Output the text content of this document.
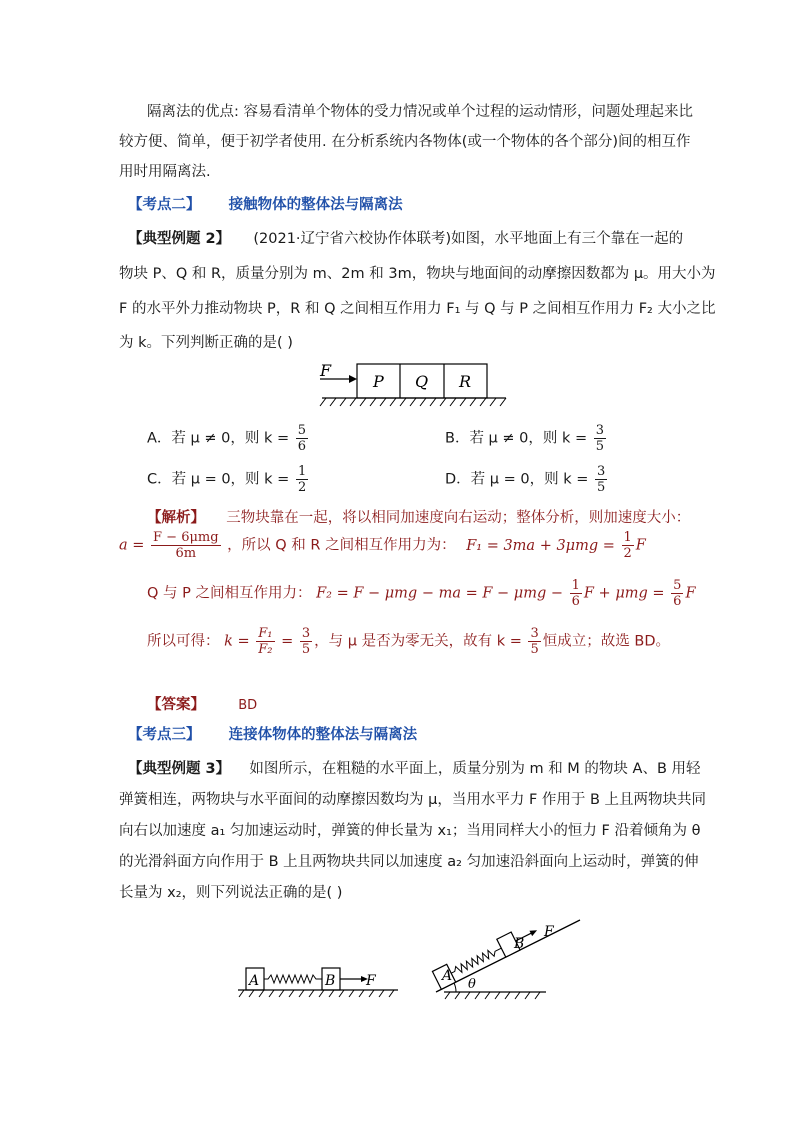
隔离法的优点: 容易看清单个物体的受力情况或单个过程的运动情形，问题处理起来比
较方便、简单，便于初学者使用. 在分析系统内各物体(或一个物体的各个部分)间的相互作
用时用隔离法.
【考点二】 接触物体的整体法与隔离法
【典型例题 2】 (2021·辽宁省六校协作体联考)如图，水平地面上有三个靠在一起的
物块 P、Q 和 R，质量分别为 m、2m 和 3m，物块与地面间的动摩擦因数都为 μ。用大小为
F 的水平外力推动物块 P，R 和 Q 之间相互作用力 F₁ 与 Q 与 P 之间相互作用力 F₂ 大小之比
为 k。下列判断正确的是( )
F
P Q R
A．若 μ ≠ 0，则 $k = \frac{5}{6}$	B．若 μ ≠ 0，则 $k = \frac{3}{5}$
C．若 μ = 0，则 $k = \frac{1}{2}$	D．若 μ = 0，则 $k = \frac{3}{5}$
【解析】 三物块靠在一起，将以相同加速度向右运动；整体分析，则加速度大小：
$a = \frac{\text{F − 6μmg}}{6m}$ ，所以 Q 和 R 之间相互作用力为： $F_1 = 3ma + 3\mu mg = \frac{1}{2}$ F
Q 与 P 之间相互作用力： F₂ = F − μmg − ma = $F - \mu mg - \frac{1}{6}$ $F + \mu mg = \frac{5}{6}$ F
所以可得： $k = \frac{\text{F₁}}{\text{F₂}} = \frac{3}{5}$ ，与 μ 是否为零无关，故有 $k = \frac{3}{5}$ 恒成立；故选 BD。
【答案】	BD
【考点三】 连接体物体的整体法与隔离法
【典型例题 3】 如图所示，在粗糙的水平面上，质量分别为 m 和 M 的物块 A、B 用轻
弹簧相连，两物块与水平面间的动摩擦因数均为 μ，当用水平力 F 作用于 B 上且两物块共同
向右以加速度 a₁ 匀加速运动时，弹簧的伸长量为 x₁；当用同样大小的恒力 F 沿着倾角为 θ
的光滑斜面方向作用于 B 上且两物块共同以加速度 a₂ 匀加速沿斜面向上运动时，弹簧的伸
长量为 x₂，则下列说法正确的是( )
A	B F	A
B
F
θ
